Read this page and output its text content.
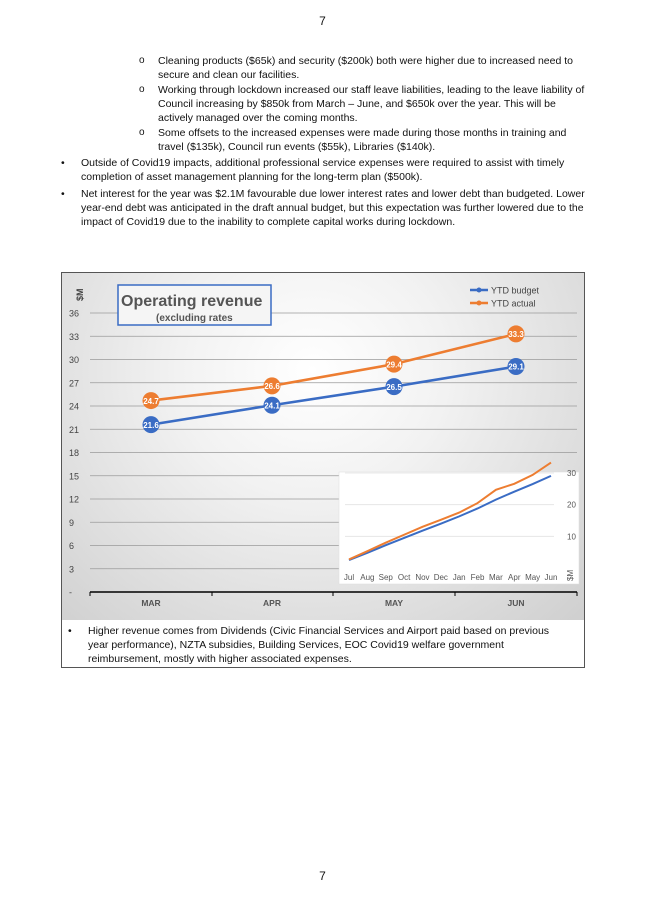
7
o Cleaning products ($65k) and security ($200k) both were higher due to increased need to secure and clean our facilities.
o Working through lockdown increased our staff leave liabilities, leading to the leave liability of Council increasing by $850k from March – June, and $650k over the year. This will be actively managed over the coming months.
o Some offsets to the increased expenses were made during those months in training and travel ($135k), Council run events ($55k), Libraries ($140k).
• Outside of Covid19 impacts, additional professional service expenses were required to assist with timely completion of asset management planning for the long-term plan ($500k).
• Net interest for the year was $2.1M favourable due lower interest rates and lower debt than budgeted. Lower year-end debt was anticipated in the draft annual budget, but this expectation was further lowered due to the impact of Covid19 due to the inability to complete capital works during lockdown.
-
3
6
9
12
15
18
21
24
27
30
33
36
MAR	APR	MAY	JUN
$M Operating revenue
(excluding rates
YTD budget
YTD actual
21.6
24.1
26.5
29.1
24.7
26.6
29.4
33.3
10
20
30
Jul Aug Sep Oct Nov Dec Jan Feb Mar Apr May Jun $M
• Higher revenue comes from Dividends (Civic Financial Services and Airport paid based on previous year performance), NZTA subsidies, Building Services, EOC Covid19 welfare government reimbursement, mostly with higher associated expenses.
7
